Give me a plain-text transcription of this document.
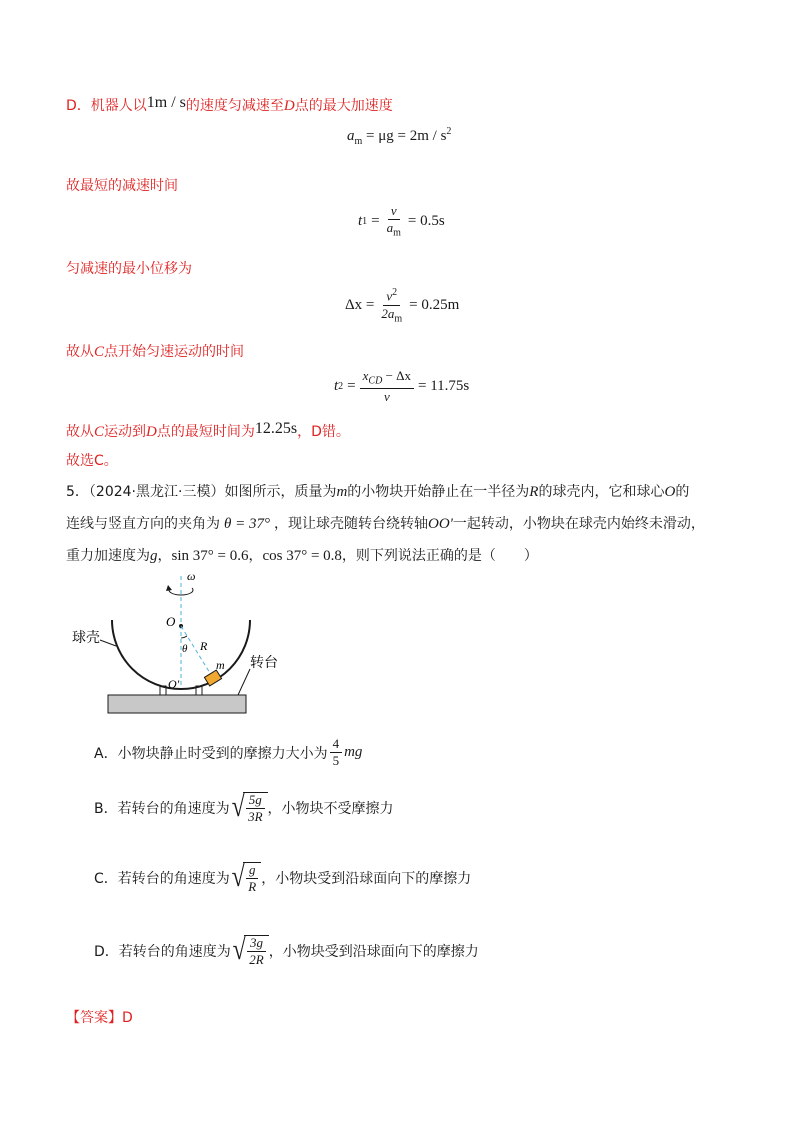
D．机器人以1m / s的速度匀减速至D点的最大加速度
$a_m = \mu g = 2m / s^2$
故最短的减速时间
t $1 = \frac{v}{a_m} = 0.5s$
匀减速的最小位移为
$\Delta x = \frac{v^2}{2a_m} = 0.25m$
故从C点开始匀速运动的时间
t $2 = \frac{x_{CD} - \Delta x}{v} = 11.75s$
故从C运动到D点的最短时间为12.25s，D错。
故选C。
5．（2024·黑龙江·三模）如图所示，质量为m的小物块开始静止在一半径为R的球壳内，它和球心O的
连线与竖直方向的夹角为 θ = 37° ，现让球壳随转台绕转轴OO'一起转动，小物块在球壳内始终未滑动，
重力加速度为g，sin 37° = 0.6，cos 37° = 0.8，则下列说法正确的是（　　）
ω
O
R
θ
m
O'
球壳
转台
A．小物块静止时受到的摩擦力大小为 $\frac{4}{5}$ mg
B．若转台的角速度为 √ $\frac{5g}{3R}$ ，小物块不受摩擦力
C．若转台的角速度为 √ $\frac{g}{R}$ ，小物块受到沿球面向下的摩擦力
D．若转台的角速度为 √ $\frac{3g}{2R}$ ，小物块受到沿球面向下的摩擦力
【答案】D
